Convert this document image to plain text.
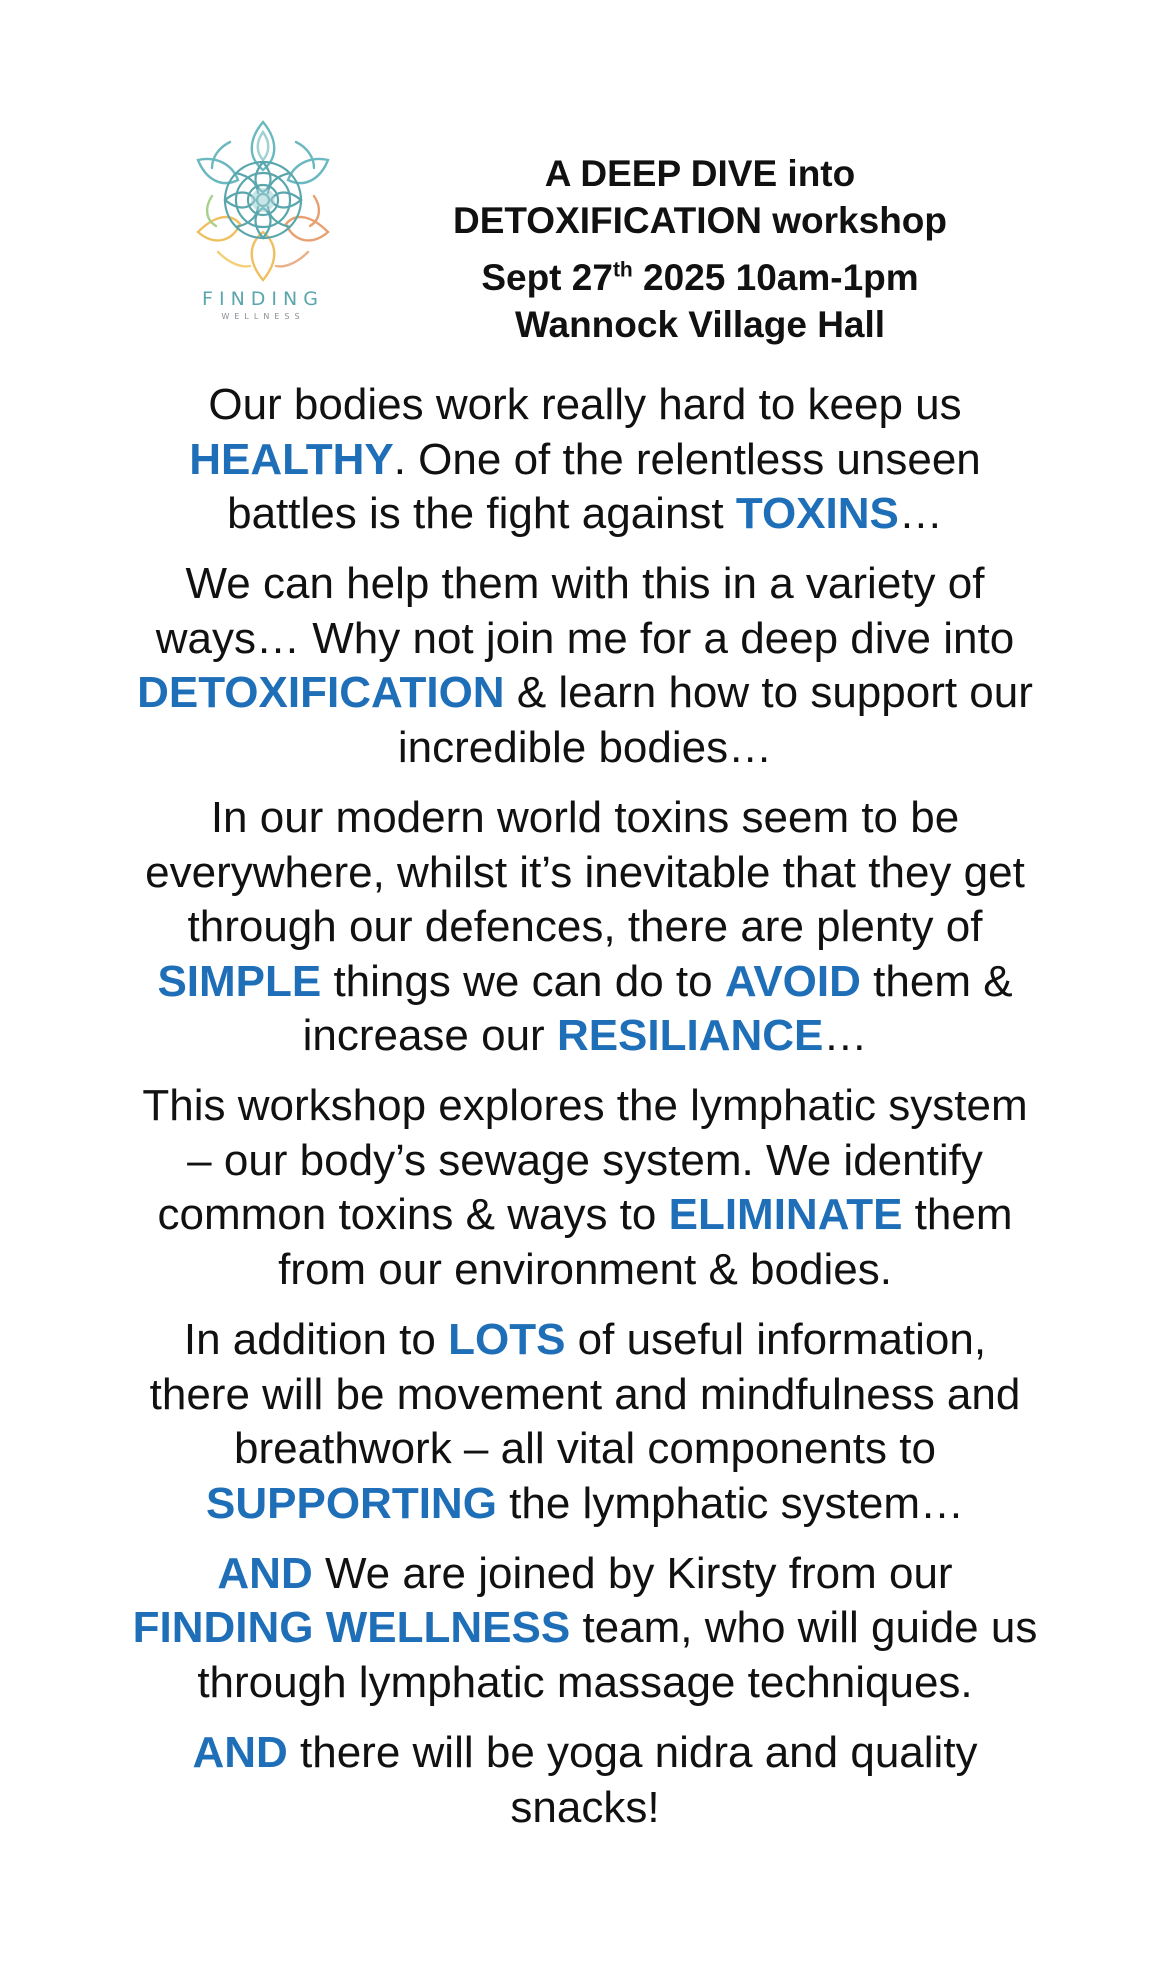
FINDING
WELLNESS
A DEEP DIVE into
DETOXIFICATION workshop
Sept 27th 2025 10am-1pm
Wannock Village Hall

Our bodies work really hard to keep us HEALTHY. One of the relentless unseen battles is the fight against TOXINS…

We can help them with this in a variety of ways… Why not join me for a deep dive into DETOXIFICATION & learn how to support our incredible bodies…

In our modern world toxins seem to be everywhere, whilst it’s inevitable that they get through our defences, there are plenty of SIMPLE things we can do to AVOID them & increase our RESILIANCE…

This workshop explores the lymphatic system – our body’s sewage system. We identify common toxins & ways to ELIMINATE them from our environment & bodies.

In addition to LOTS of useful information, there will be movement and mindfulness and breathwork – all vital components to SUPPORTING the lymphatic system…

AND We are joined by Kirsty from our FINDING WELLNESS team, who will guide us through lymphatic massage techniques.

AND there will be yoga nidra and quality snacks!
